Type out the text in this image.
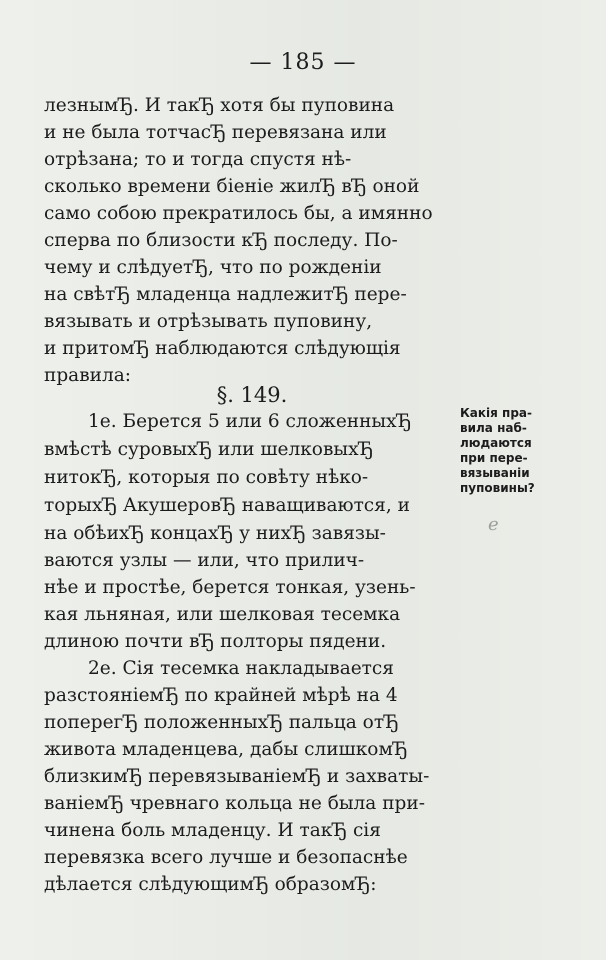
— 185 —
лезнымЂ. И такЂ хотя бы пуповина
и не была тотчасЂ перевязана или
отрѣзана; то и тогда спустя нѣ-
сколько времени біеніе жилЂ вЂ оной
само собою прекратилось бы, а имянно
сперва по близости кЂ последу. По-
чему и слѣдуетЂ, что по рожденіи
на свѣтЂ младенца надлежитЂ пере-
вязывать и отрѣзывать пуповину,
и притомЂ наблюдаются слѣдующія
правила:
§. 149.
1е. Берется 5 или 6 сложенныхЂ
вмѣстѣ суровыхЂ или шелковыхЂ
нитокЂ, которыя по совѣту нѣко-
торыхЂ АкушеровЂ наващиваются, и
на обѣихЂ концахЂ у нихЂ завязы-
ваются узлы — или, что прилич-
нѣе и простѣе, берется тонкая, узень-
кая льняная, или шелковая тесемка
длиною почти вЂ полторы пядени.
2е. Сія тесемка накладывается
разстояніемЂ по крайней мѣрѣ на 4
поперегЂ положенныхЂ пальца отЂ
живота младенцева, дабы слишкомЂ
близкимЂ перевязываніемЂ и захваты-
ваніемЂ чревнаго кольца не была при-
чинена боль младенцу. И такЂ сія
перевязка всего лучше и безопаснѣе
дѣлается слѣдующимЂ образомЂ:
Какія пра-
вила наб-
людаются
при пере-
вязываніи
пуповины?
e
